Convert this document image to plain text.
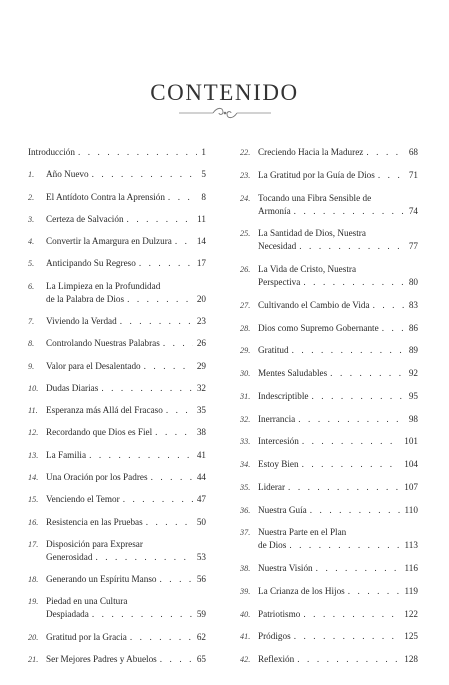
CONTENIDO
Introducción . . .	1
1.	Año Nuevo . . .	5
2.	El Antídoto Contra la Aprensión . . .	8
3.	Certeza de Salvación . . .	11
4.	Convertir la Amargura en Dulzura . . .	14
5.	Anticipando Su Regreso . . .	17
6.	La Limpieza en la Profundidad
de la Palabra de Dios . . .	20
7.	Viviendo la Verdad . . .	23
8.	Controlando Nuestras Palabras . . .	26
9.	Valor para el Desalentado . . .	29
10. Dudas Diarias . . .	32
11. Esperanza más Allá del Fracaso . . .	35
12. Recordando que Dios es Fiel . . .	38
13. La Familia . . .	41
14. Una Oración por los Padres . . .	44
15. Venciendo el Temor . . .	47
16. Resistencia en las Pruebas . . .	50
17. Disposición para Expresar
Generosidad . . .	53
18. Generando un Espíritu Manso . . .	56
19. Piedad en una Cultura
Despiadada . . .	59
20. Gratitud por la Gracia . . .	62
21. Ser Mejores Padres y Abuelos . . .	65
22. Creciendo Hacia la Madurez . . .	68
23. La Gratitud por la Guía de Dios . . .	71
24. Tocando una Fibra Sensible de
Armonía . . .	74
25. La Santidad de Dios, Nuestra
Necesidad . . .	77
26. La Vida de Cristo, Nuestra
Perspectiva . . .	80
27. Cultivando el Cambio de Vida . . .	83
28. Dios como Supremo Gobernante . . .	86
29. Gratitud . . .	89
30. Mentes Saludables . . .	92
31. Indescriptible . . .	95
32. Inerrancia . . .	98
33. Intercesión . . .	101
34. Estoy Bien . . .	104
35. Liderar . . .	107
36. Nuestra Guía . . .	110
37. Nuestra Parte en el Plan
de Dios . . .	113
38. Nuestra Visión . . .	116
39. La Crianza de los Hijos . . .	119
40. Patriotismo . . .	122
41. Pródigos . . .	125
42. Reflexión . . .	128
